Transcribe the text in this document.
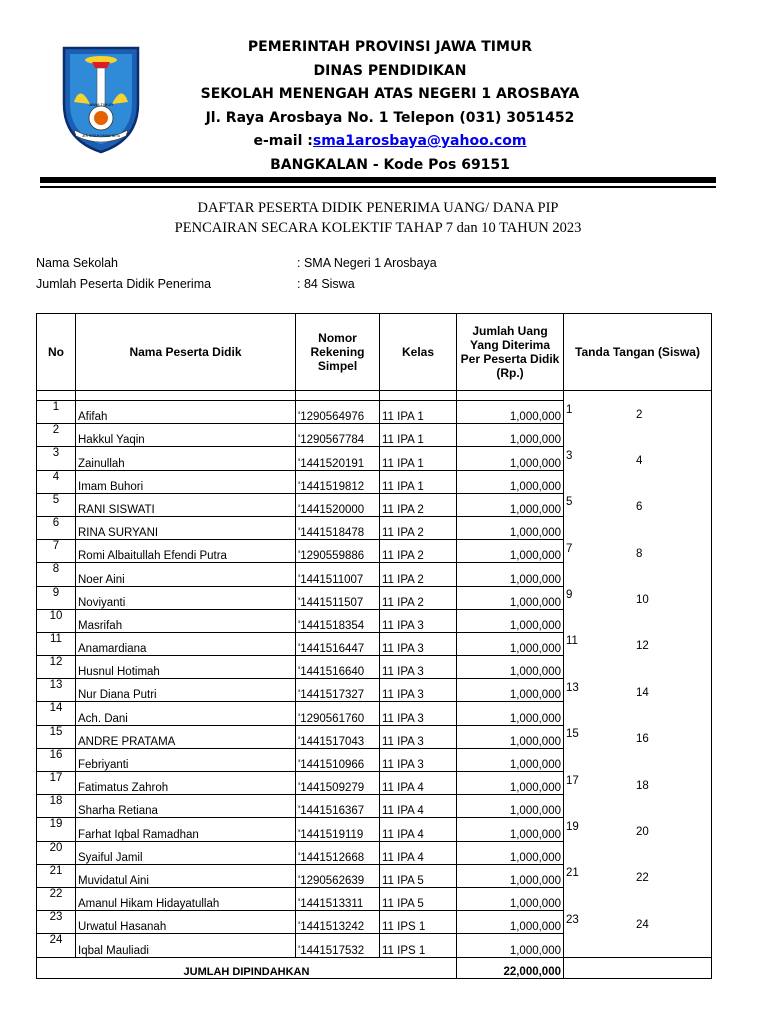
JAWA TIMUR
JER BASUKI MAWA BEYA
PEMERINTAH PROVINSI JAWA TIMUR
DINAS PENDIDIKAN
SEKOLAH MENENGAH ATAS NEGERI 1 AROSBAYA
Jl. Raya Arosbaya No. 1 Telepon (031) 3051452
e-mail :sma1arosbaya@yahoo.com
BANGKALAN - Kode Pos 69151
DAFTAR PESERTA DIDIK PENERIMA UANG/ DANA PIP
PENCAIRAN SECARA KOLEKTIF TAHAP 7 dan 10 TAHUN 2023
Nama Sekolah	: SMA Negeri 1 Arosbaya
Jumlah Peserta Didik Penerima	: 84 Siswa
No	Nama Peserta Didik	Nomor Rekening Simpel	Kelas	Jumlah Uang Yang Diterima Per Peserta Didik (Rp.)	Tanda Tangan (Siswa)

1	Afifah	'1290564976	11 IPA 1	1,000,000	1 2

2	Hakkul Yaqin	'1290567784	11 IPA 1	1,000,000	
3	Zainullah	'1441520191	11 IPA 1	1,000,000	3 4

4	Imam Buhori	'1441519812	11 IPA 1	1,000,000	
5	RANI SISWATI	'1441520000	11 IPA 2	1,000,000	5 6

6	RINA SURYANI	'1441518478	11 IPA 2	1,000,000	
7	Romi Albaitullah Efendi Putra	'1290559886	11 IPA 2	1,000,000	7 8

8	Noer Aini	'1441511007	11 IPA 2	1,000,000	
9	Noviyanti	'1441511507	11 IPA 2	1,000,000	9 10

10	Masrifah	'1441518354	11 IPA 3	1,000,000	
11	Anamardiana	'1441516447	11 IPA 3	1,000,000	11 12

12	Husnul Hotimah	'1441516640	11 IPA 3	1,000,000	
13	Nur Diana Putri	'1441517327	11 IPA 3	1,000,000	13 14

14	Ach. Dani	'1290561760	11 IPA 3	1,000,000	
15	ANDRE PRATAMA	'1441517043	11 IPA 3	1,000,000	15 16

16	Febriyanti	'1441510966	11 IPA 3	1,000,000	
17	Fatimatus Zahroh	'1441509279	11 IPA 4	1,000,000	17 18

18	Sharha Retiana	'1441516367	11 IPA 4	1,000,000	
19	Farhat Iqbal Ramadhan	'1441519119	11 IPA 4	1,000,000	19 20

20	Syaiful Jamil	'1441512668	11 IPA 4	1,000,000	
21	Muvidatul Aini	'1290562639	11 IPA 5	1,000,000	21 22

22	Amanul Hikam Hidayatullah	'1441513311	11 IPA 5	1,000,000	
23	Urwatul Hasanah	'1441513242	11 IPS 1	1,000,000	23 24

24	Iqbal Mauliadi	'1441517532	11 IPS 1	1,000,000	
JUMLAH DIPINDAHKAN				22,000,000	
